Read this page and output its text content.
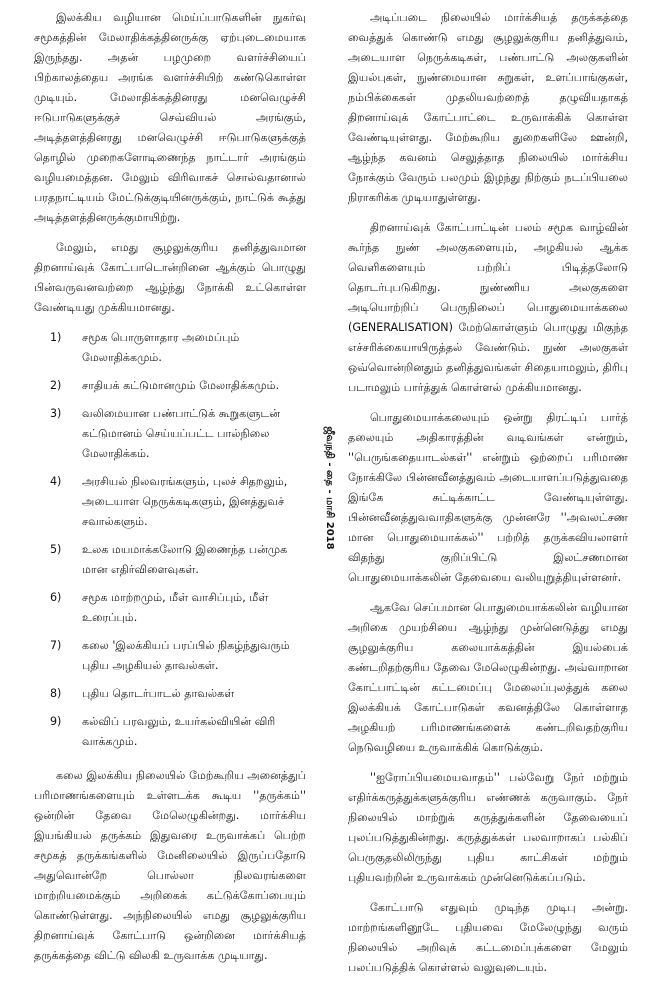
இலக்கிய வழியான மெய்ப்பாடுகளின் நுகர்வு சமூகத்தின் மேலாதிக்கத்தினருக்கு ஏற்புடைமையாக இருந்தது. அதன் பழமுறை வளர்ச்சியைப் பிற்காலத்தைய அரங்க வளர்ச்சியிற் கண்டுகொள்ள முடியும். மேலாதிக்கத்தினரது மனவெழுச்சி ஈடுபாடுகளுக்குச் செவ்வியல் அரங்கும், அடித்தளத்தினரது மனவெழுச்சி ஈடுபாடுகளுக்குத் தொழில் முறைகளோடிணைந்த நாட்டார் அரங்கும் வழியமைத்தன. மேலும் விரிவாகச் சொல்வதானால் பரதநாட்டியம் மேட்டுக்குடியினருக்கும், நாட்டுக் கூத்து அடித்தளத்தினருக்குமாயிற்று.

மேலும், எமது சூழலுக்குரிய தனித்துவமான திறனாய்வுக் கோட்பாடொன்றினை ஆக்கும் பொழுது பின்வருவனவற்றை ஆழ்ந்து நோக்கி உட்கொள்ள வேண்டியது முக்கியமானது.

1) சமூக பொருளாதார அமைப்பும் மேலாதிக்கமும்.
2) சாதியக் கட்டுமானமும் மேலாதிக்கமும்.
3) வலிமையான பண்பாட்டுக் கூறுகளுடன் கட்டுமானம் செய்யப்பட்ட பால்நிலை மேலாதிக்கம்.
4) அரசியல் நிலவரங்களும், புலச் சிதறலும், அடையாள நெருக்கடிகளும், இனத்துவச் சவால்களும்.
5) உலக மயமாக்கலோடு இணைந்த பன்முக மான எதிர்விளைவுகள்.
6) சமூக மாற்றமும், மீள் வாசிப்பும், மீள் உரைப்பும்.
7) கலை 'இலக்கியப் பரப்பில் நிகழ்ந்துவரும் புதிய அழகியல் தாவல்கள்.
8) புதிய தொடர்பாடல் தாவல்கள்
9) கல்விப் பரவலும், உயர்கல்வியின் விரி வாக்கமும்.

கலை இலக்கிய நிலையில் மேற்கூறிய அனைத்துப் பரிமாணங்களையும் உள்ளடக்க கூடிய ''தருக்கம்'' ஒன்றின் தேவை மேலெழுகின்றது. மார்க்சிய இயங்கியல் தருக்கம் இதுவரை உருவாக்கப் பெற்ற சமூகத் தருக்கங்களில் மேனிலையில் இருப்பதோடு அதுவொன்றே பொல்லா நிலவரங்களை மாற்றியமைக்கும் அறிகைக் கட்டுக்கோப்பையும் கொண்டுள்ளது. அந்நிலையில் எமது சூழலுக்குரிய திறனாய்வுக் கோட்பாடு ஒன்றினை மார்க்சியத் தருக்கத்தை விட்டு விலகி உருவாக்க முடியாது.

ஜீவநதி - தை - மாசி 2018

அடிப்படை நிலையில் மார்க்சியத் தருக்கத்தை வைத்துக் கொண்டு எமது சூழலுக்குரிய தனித்துவம், அடையாள நெருக்கடிகள், பண்பாட்டு அலகுகளின் இயல்புகள், நுண்மையான சுறுகள், உளப்பாங்குகள், நம்பிக்கைகள் முதலியவற்றைத் தழுவியதாகத் திறனாய்வுக் கோட்பாட்டை உருவாக்கிக் கொள்ள வேண்டியுள்ளது. மேற்கூறிய துறைகளிலே ஊன்றி, ஆழ்ந்த கவனம் செலுத்தாத நிலையில் மார்க்சிய நோக்கும் வேரும் பலமும் இழந்து நிற்கும் நடப்பியலை நிராகரிக்க முடியாதுள்ளது.

திறனாய்வுக் கோட்பாட்டின் பலம் சமூக வாழ்வின் கூர்ந்த நுண் அலகுகளையும், அழகியல் ஆக்க வெளிகளையும் பற்றிப் பிடித்தலோடு தொடர்புபடுகிறது. நுண்ணிய அலகுகளை அடியொற்றிப் பெருநிலைப் பொதுமையாக்கலை (GENERALISATION) மேற்கொள்ளும் பொழுது மிகுந்த எச்சரிக்கையாயிருத்தல் வேண்டும். நுண் அலகுகள் ஒவ்வொன்றினதும் தனித்துவங்கள் சிதையாமலும், திரிபு படாமலும் பார்த்துக் கொள்ளல் முக்கியமானது.

பொதுமையாக்கலையும் ஒன்று திரட்டிப் பார்த் தலையும் அதிகாரத்தின் வடிவங்கள் என்றும், ''பெருங்கதையாடல்கள்'' என்றும் ஒற்றைப் பரிமாண நோக்கிலே பின்னவீனத்துவம் அடையாளப்படுத்துவதை இங்கே சுட்டிக்காட்ட வேண்டியுள்ளது. பின்னவீனத்துவவாதிகளுக்கு முன்னரே ''அவலட்சண மான பொதுமையாக்கல்'' பற்றித் தருக்கவியலாளர் விதந்து குறிப்பிட்டு இலட்சணமான பொதுமையாக்கலின் தேவையை வலியுறுத்தியுள்ளனர்.

ஆகவே செப்பமான பொதுமையாக்கலின் வழியான அறிகை முயற்சியை ஆழ்ந்து முன்னெடுத்து எமது சூழலுக்குரிய கலையாக்கத்தின் இயல்பைக் கண்டறிதற்குரிய தேவை மேலெழுகின்றது. அவ்வாறான கோட்பாட்டின் கட்டமைப்பு மேலைப்புலத்துக் கலை இலக்கியக் கோட்பாடுகள் கவனத்திலே கொள்ளாத அழகியற் பரிமாணங்களைக் கண்டறிவதற்குரிய நெடுவழியை உருவாக்கிக் கொடுக்கும்.

''ஐரோப்பியமையவாதம்'' பல்வேறு நேர் மற்றும் எதிர்க்கருத்துக்களுக்குரிய எண்ணக் கருவாகும். நேர் நிலையில் மாற்றுக் கருத்துக்களின் தேவையைப் புலப்படுத்துகின்றது. கருத்துக்கள் பலவாறாகப் பல்கிப் பெருகுதலிலிருந்து புதிய காட்சிகள் மற்றும் புதியவற்றின் உருவாக்கம் முன்னெடுக்கப்படும்.

கோட்பாடு எதுவும் முடிந்த முடிபு அன்று. மாற்றங்களினூடே புதியவை மேலேழுந்து வரும் நிலையில் அறிவுக் கட்டமைப்புக்களை மேலும் பலப்படுத்திக் கொள்ளல் வலுவுடையும்.
